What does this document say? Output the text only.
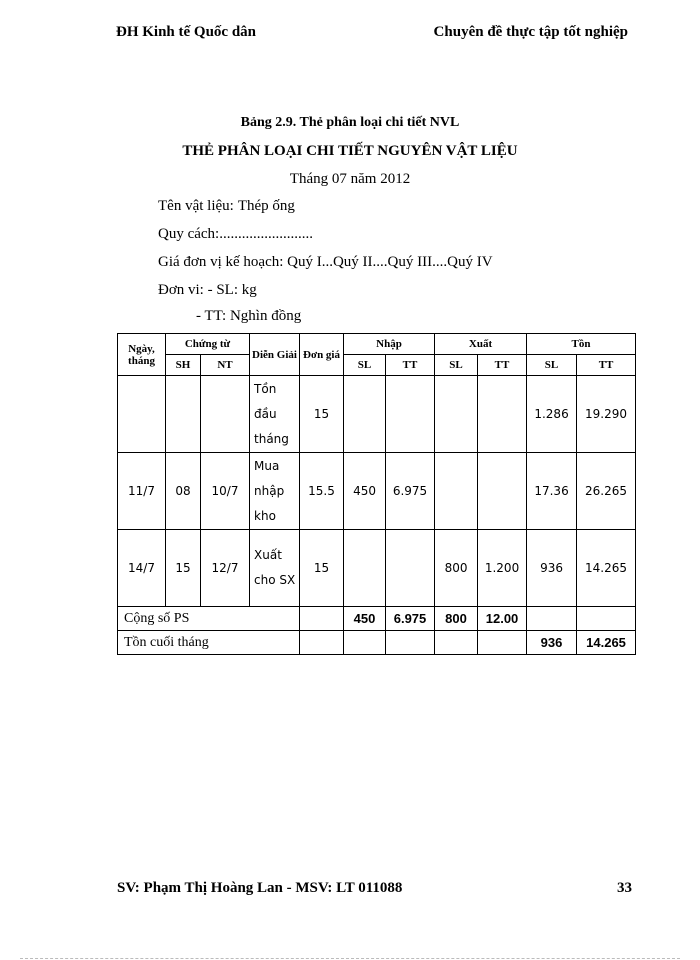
ĐH Kinh tế Quốc dân	Chuyên đề thực tập tốt nghiệp
Bảng 2.9. Thẻ phân loại chi tiết NVL
THẺ PHÂN LOẠI CHI TIẾT NGUYÊN VẬT LIỆU
Tháng 07 năm 2012
Tên vật liệu: Thép ống
Quy cách:.........................
Giá đơn vị kế hoạch: Quý I...Quý II....Quý III....Quý IV
Đơn vi: - SL: kg
- TT: Nghìn đồng
Ngày, tháng	Chứng từ		Diễn Giải	Đơn giá	Nhập		Xuất		Tồn	
	SH	NT			SL	TT	SL	TT	SL	TT
			Tồn đầu tháng	15					1.286	19.290
11/7	08	10/7	Mua nhập kho	15.5	450	6.975			17.36	26.265
14/7	15	12/7	Xuất cho SX	15			800	1.200	936	14.265
Cộng số PS					450	6.975	800	12.00		
Tồn cuối tháng									936	14.265
SV: Phạm Thị Hoàng Lan - MSV: LT 011088	33
